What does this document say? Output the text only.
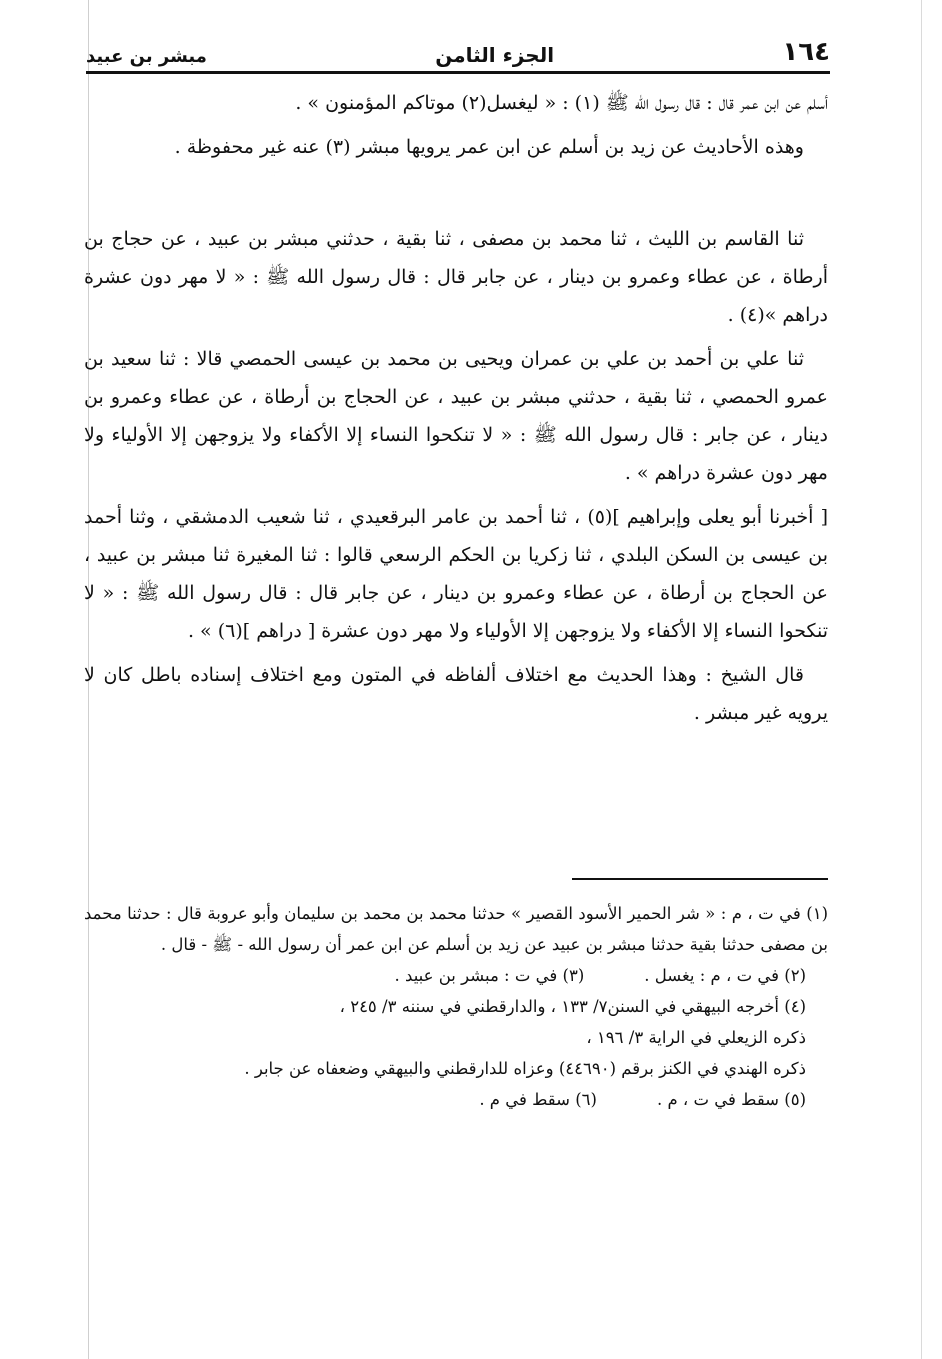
١٦٤
الجزء الثامن
مبشر بن عبيد

أسلم عن ابن عمر قال : قال رسول الله ﷺ (١) : « ليغسل(٢) موتاكم المؤمنون » .

وهذه الأحاديث عن زيد بن أسلم عن ابن عمر يرويها مبشر (٣) عنه غير محفوظة .

ثنا القاسم بن الليث ، ثنا محمد بن مصفى ، ثنا بقية ، حدثني مبشر بن عبيد ، عن حجاج بن أرطاة ، عن عطاء وعمرو بن دينار ، عن جابر قال : قال رسول الله ﷺ : « لا مهر دون عشرة دراهم »(٤) .

ثنا علي بن أحمد بن علي بن عمران ويحيى بن محمد بن عيسى الحمصي قالا : ثنا سعيد بن عمرو الحمصي ، ثنا بقية ، حدثني مبشر بن عبيد ، عن الحجاج بن أرطاة ، عن عطاء وعمرو بن دينار ، عن جابر : قال رسول الله ﷺ : « لا تنكحوا النساء إلا الأكفاء ولا يزوجهن إلا الأولياء ولا مهر دون عشرة دراهم » .

[ أخبرنا أبو يعلى وإبراهيم ](٥) ، ثنا أحمد بن عامر البرقعيدي ، ثنا شعيب الدمشقي ، وثنا أحمد بن عيسى بن السكن البلدي ، ثنا زكريا بن الحكم الرسعي قالوا : ثنا المغيرة ثنا مبشر بن عبيد ، عن الحجاج بن أرطاة ، عن عطاء وعمرو بن دينار ، عن جابر قال : قال رسول الله ﷺ : « لا تنكحوا النساء إلا الأكفاء ولا يزوجهن إلا الأولياء ولا مهر دون عشرة [ دراهم ](٦) » .

قال الشيخ : وهذا الحديث مع اختلاف ألفاظه في المتون ومع اختلاف إسناده باطل كان لا يرويه غير مبشر .

(١) في ت ، م : « شر الحمير الأسود القصير » حدثنا محمد بن محمد بن سليمان وأبو عروبة قال : حدثنا محمد بن مصفى حدثنا بقية حدثنا مبشر بن عبيد عن زيد بن أسلم عن ابن عمر أن رسول الله - ﷺ - قال .

(٢) في ت ، م : يغسل .
(٣) في ت : مبشر بن عبيد .

(٤) أخرجه البيهقي في السنن٧/ ١٣٣ ، والدارقطني في سننه ٣/ ٢٤٥ ،

ذكره الزيعلي في الراية ٣/ ١٩٦ ،

ذكره الهندي في الكنز برقم (٤٤٦٩٠) وعزاه للدارقطني والبيهقي وضعفاه عن جابر .

(٥) سقط في ت ، م .
(٦) سقط في م .
